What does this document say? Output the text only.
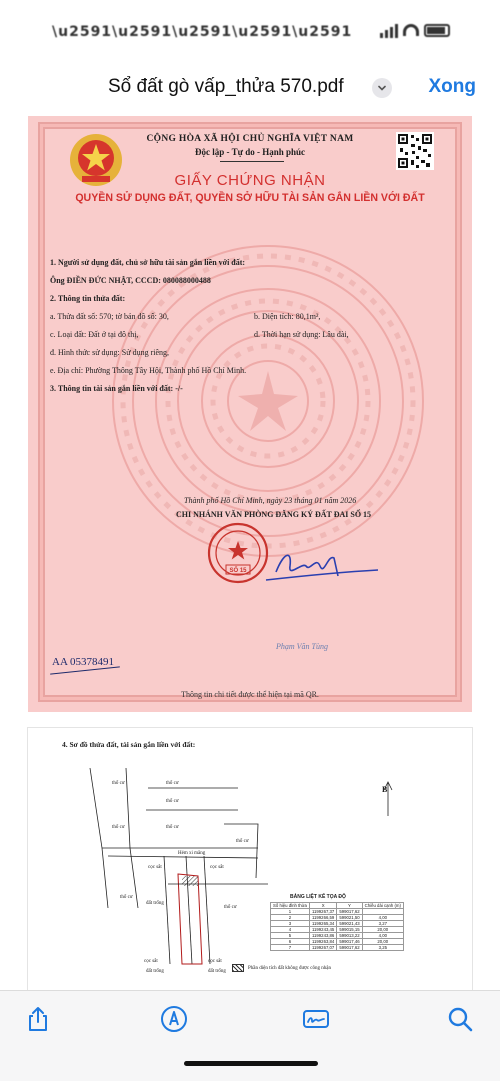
\u2591\u2591\u2591\u2591\u2591
Sổ đất gò vấp_thửa 570.pdf	Xong
CỘNG HÒA XÃ HỘI CHỦ NGHĨA VIỆT NAM
Độc lập - Tự do - Hạnh phúc
GIẤY CHỨNG NHẬN
QUYỀN SỬ DỤNG ĐẤT, QUYỀN SỞ HỮU TÀI SẢN GẮN LIỀN VỚI ĐẤT
1. Người sử dụng đất, chủ sở hữu tài sản gắn liền với đất:
Ông ĐIỀN ĐỨC NHẬT, CCCD: 080088000488
2. Thông tin thửa đất:
a. Thửa đất số: 570; tờ bản đồ số: 30,	b. Diện tích: 80,1m²,
c. Loại đất: Đất ở tại đô thị,	d. Thời hạn sử dụng: Lâu dài,
đ. Hình thức sử dụng: Sử dụng riêng,
e. Địa chỉ: Phường Thông Tây Hội, Thành phố Hồ Chí Minh.
3. Thông tin tài sản gắn liền với đất: -/-
Thành phố Hồ Chí Minh, ngày 23 tháng 01 năm 2026
CHI NHÁNH VĂN PHÒNG ĐĂNG KÝ ĐẤT ĐAI SỐ 15
SỐ 15
Phạm Văn Tùng
AA 05378491
Thông tin chi tiết được thể hiện tại mã QR.
thổ cư	thổ cư
thổ cư
thổ cư	thổ cư
thổ cư
thổ cư
thổ cư
Hẻm xi măng
cọc sắt	cọc sắt
cọc sắt	cọc sắt
đất trống
đất trống	đất trống
B
4. Sơ đồ thửa đất, tài sản gắn liền với đất:
BẢNG LIỆT KÊ TỌA ĐỘ
Số hiệu đỉnh thửa	X	Y	Chiều dài cạnh (m)
1	1199267,37	599017,62	
2	1199266,59	599021,50	4,00
3	1199265,34	599021,43	3,27
4	1199243,45	599015,15	20,00
5	1199243,86	599013,22	4,00
6	1199263,84	599017,46	20,00
7	1199267,07	599017,62	3,25
Phần diện tích đất không được công nhận
